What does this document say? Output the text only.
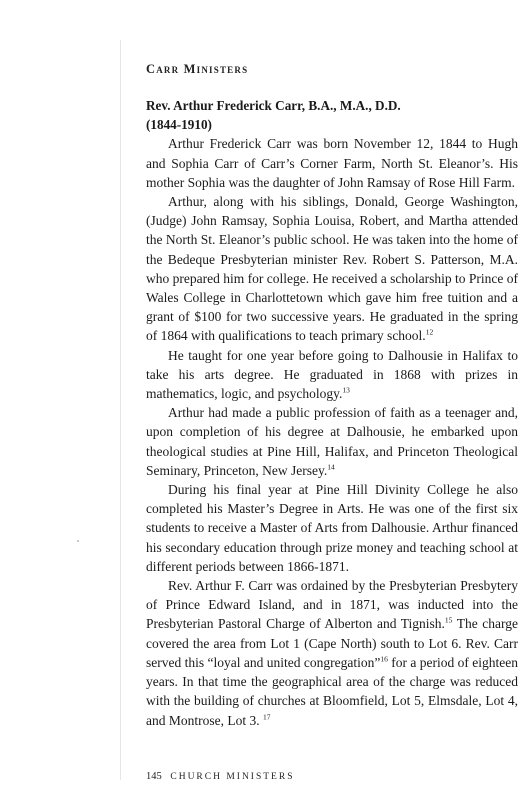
Carr Ministers
Rev. Arthur Frederick Carr, B.A., M.A., D.D.
(1844-1910)

Arthur Frederick Carr was born November 12, 1844 to Hugh and Sophia Carr of Carr’s Corner Farm, North St. Eleanor’s. His mother Sophia was the daughter of John Ramsay of Rose Hill Farm.

Arthur, along with his siblings, Donald, George Washington, (Judge) John Ramsay, Sophia Louisa, Robert, and Martha attended the North St. Eleanor’s public school. He was taken into the home of the Bedeque Presbyterian minister Rev. Robert S. Patterson, M.A. who prepared him for college. He received a scholarship to Prince of Wales College in Charlottetown which gave him free tuition and a grant of $100 for two successive years. He graduated in the spring of 1864 with qualifications to teach primary school.$^{12}$

He taught for one year before going to Dalhousie in Halifax to take his arts degree. He graduated in 1868 with prizes in mathematics, logic, and psychology.$^{13}$

Arthur had made a public profession of faith as a teenager and, upon completion of his degree at Dalhousie, he embarked upon theological studies at Pine Hill, Halifax, and Princeton Theological Seminary, Princeton, New Jersey.$^{14}$

During his final year at Pine Hill Divinity College he also completed his Master’s Degree in Arts. He was one of the first six students to receive a Master of Arts from Dalhousie. Arthur financed his secondary education through prize money and teaching school at different periods between 1866-1871.

Rev. Arthur F. Carr was ordained by the Presbyterian Presbytery of Prince Edward Island, and in 1871, was inducted into the Presbyterian Pastoral Charge of Alberton and Tignish.$^{15}$ The charge covered the area from Lot 1 (Cape North) south to Lot 6. Rev. Carr served this “loyal and united congregation”$^{16}$ for a period of eighteen years. In that time the geographical area of the charge was reduced with the building of churches at Bloomfield, Lot 5, Elmsdale, Lot 4, and Montrose, Lot 3. $^{17}$

145 CHURCH MINISTERS
